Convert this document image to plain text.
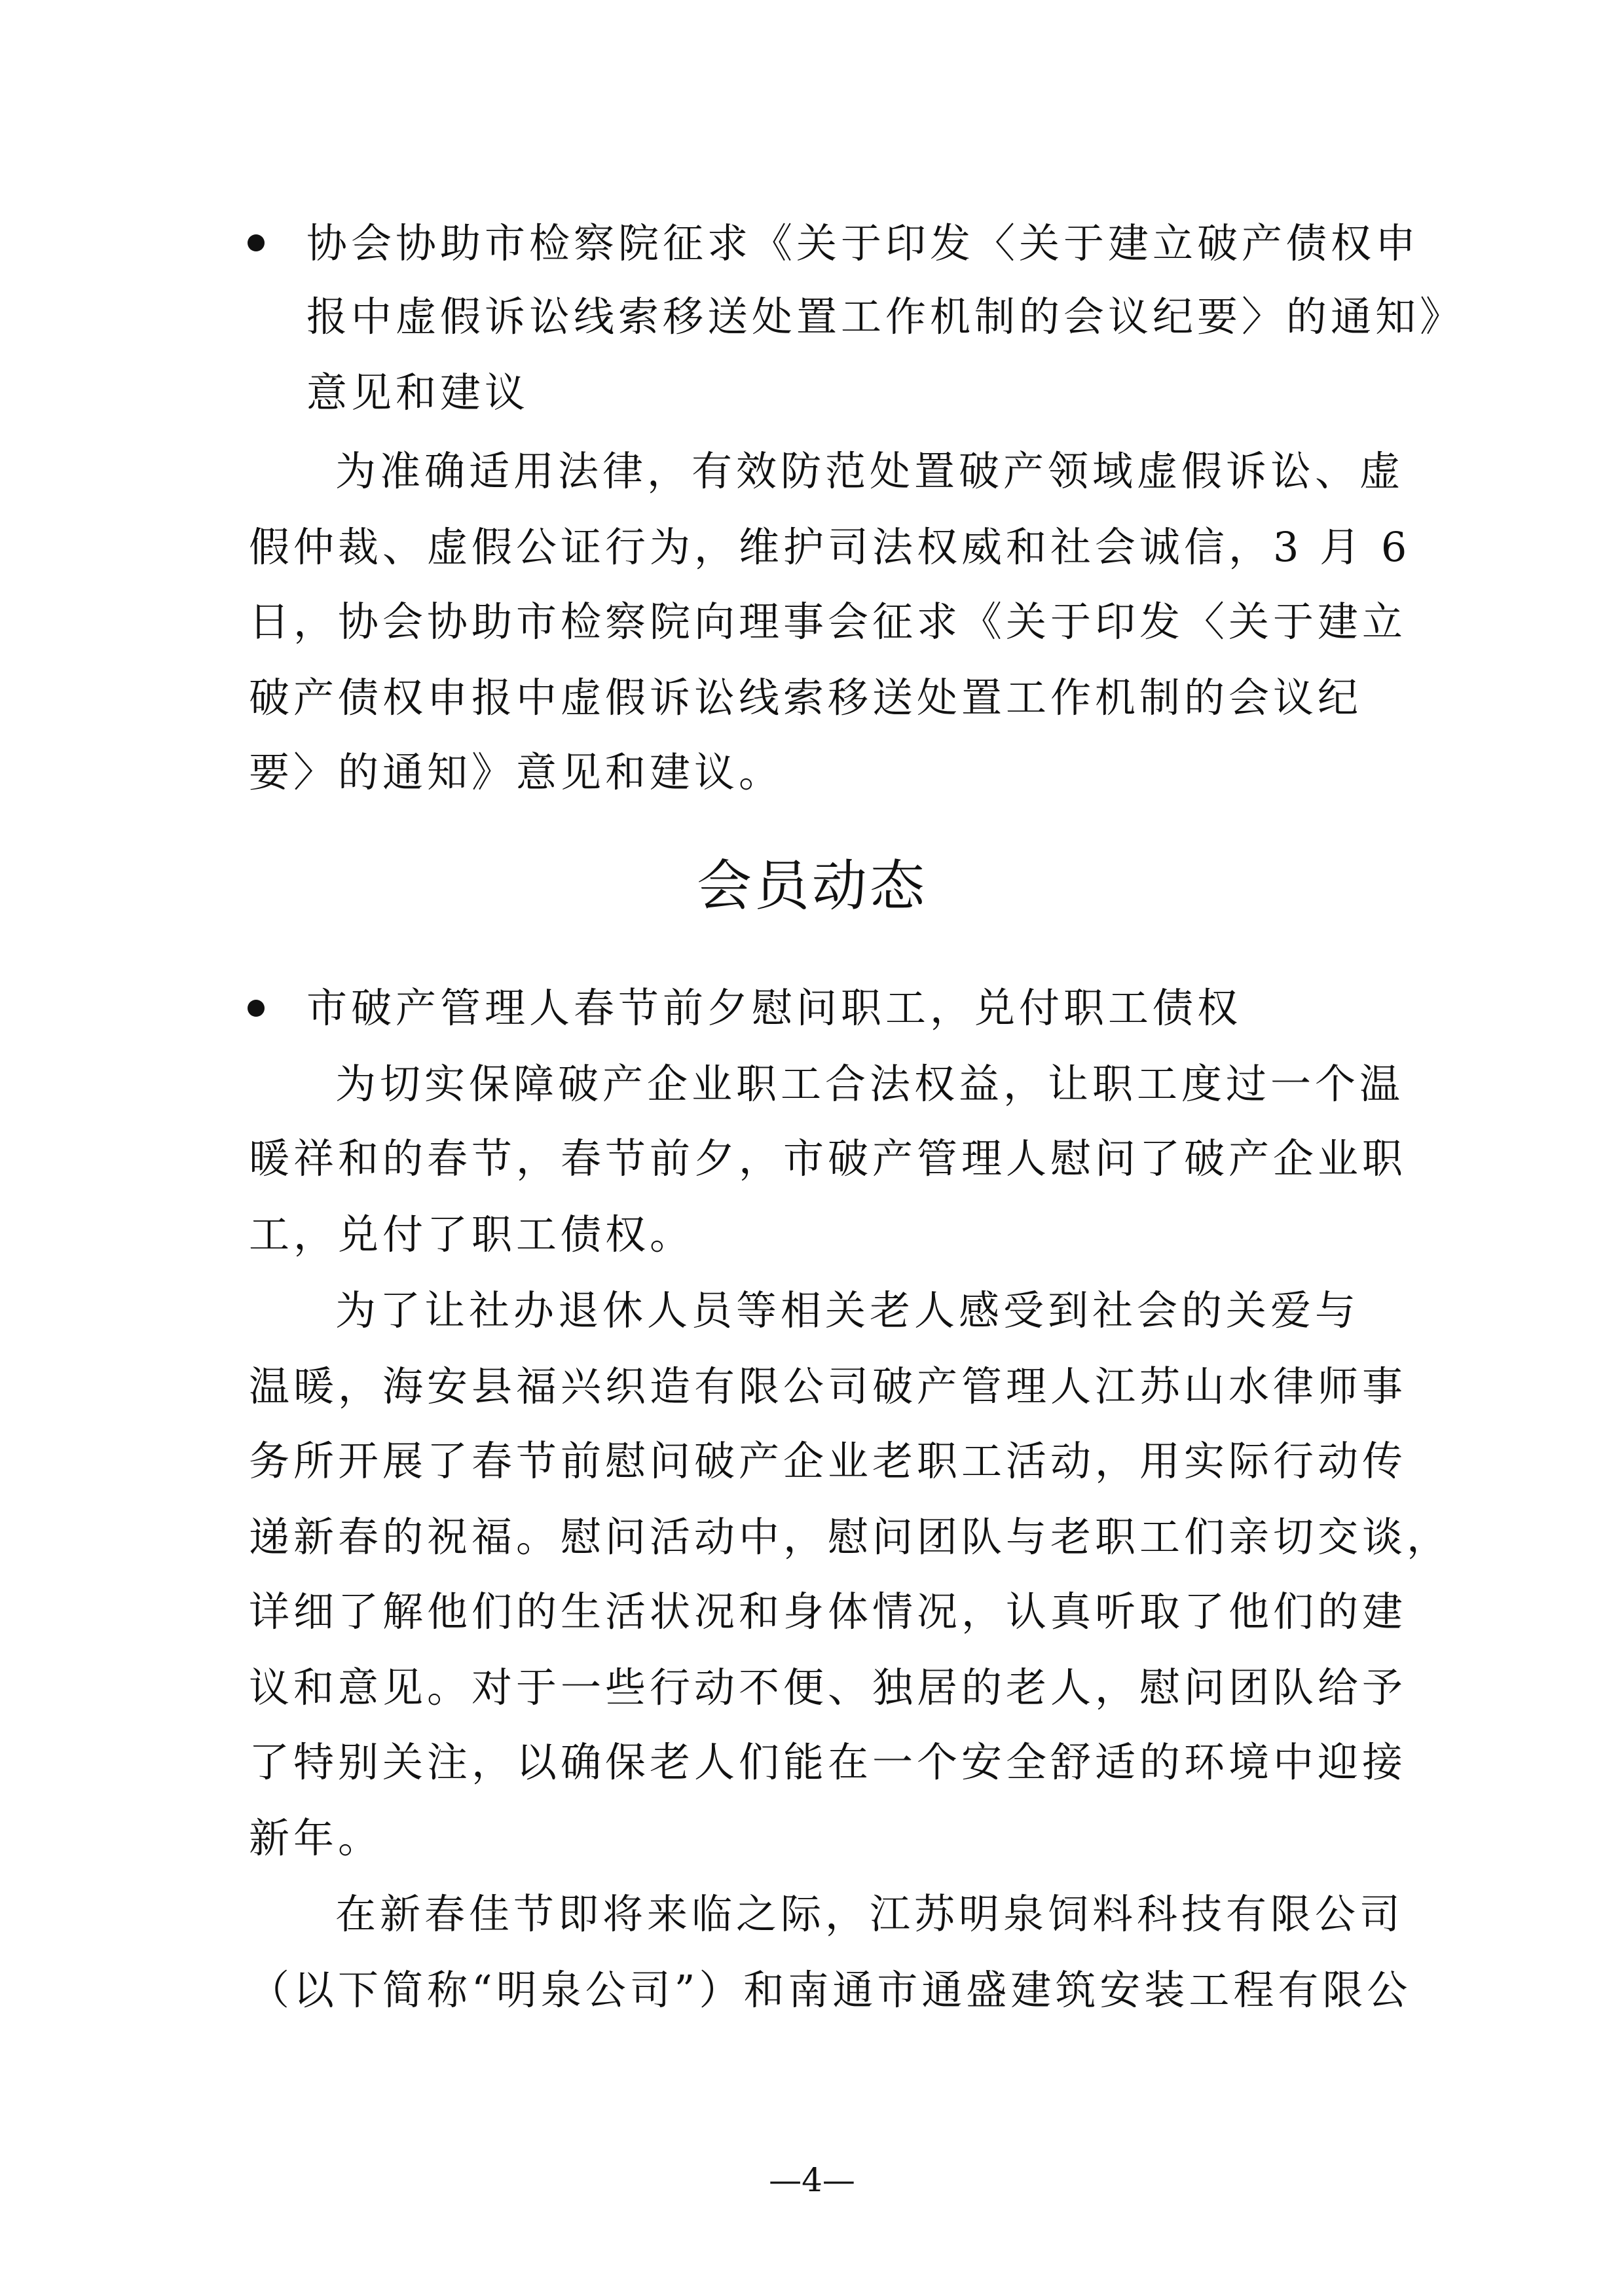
协会协助市检察院征求《关于印发〈关于建立破产债权申
报中虚假诉讼线索移送处置工作机制的会议纪要〉的通知》
意见和建议
为准确适用法律，有效防范处置破产领域虚假诉讼、虚
假仲裁、虚假公证行为，维护司法权威和社会诚信，3 月 6
日，协会协助市检察院向理事会征求《关于印发〈关于建立
破产债权申报中虚假诉讼线索移送处置工作机制的会议纪
要〉的通知》意见和建议。
会员动态
市破产管理人春节前夕慰问职工，兑付职工债权
为切实保障破产企业职工合法权益，让职工度过一个温
暖祥和的春节，春节前夕，市破产管理人慰问了破产企业职
工，兑付了职工债权。
为了让社办退休人员等相关老人感受到社会的关爱与
温暖，海安县福兴织造有限公司破产管理人江苏山水律师事
务所开展了春节前慰问破产企业老职工活动，用实际行动传
递新春的祝福。慰问活动中，慰问团队与老职工们亲切交谈，
详细了解他们的生活状况和身体情况，认真听取了他们的建
议和意见。对于一些行动不便、独居的老人，慰问团队给予
了特别关注，以确保老人们能在一个安全舒适的环境中迎接
新年。
在新春佳节即将来临之际，江苏明泉饲料科技有限公司
（以下简称“明泉公司”）和南通市通盛建筑安装工程有限公
—4—
